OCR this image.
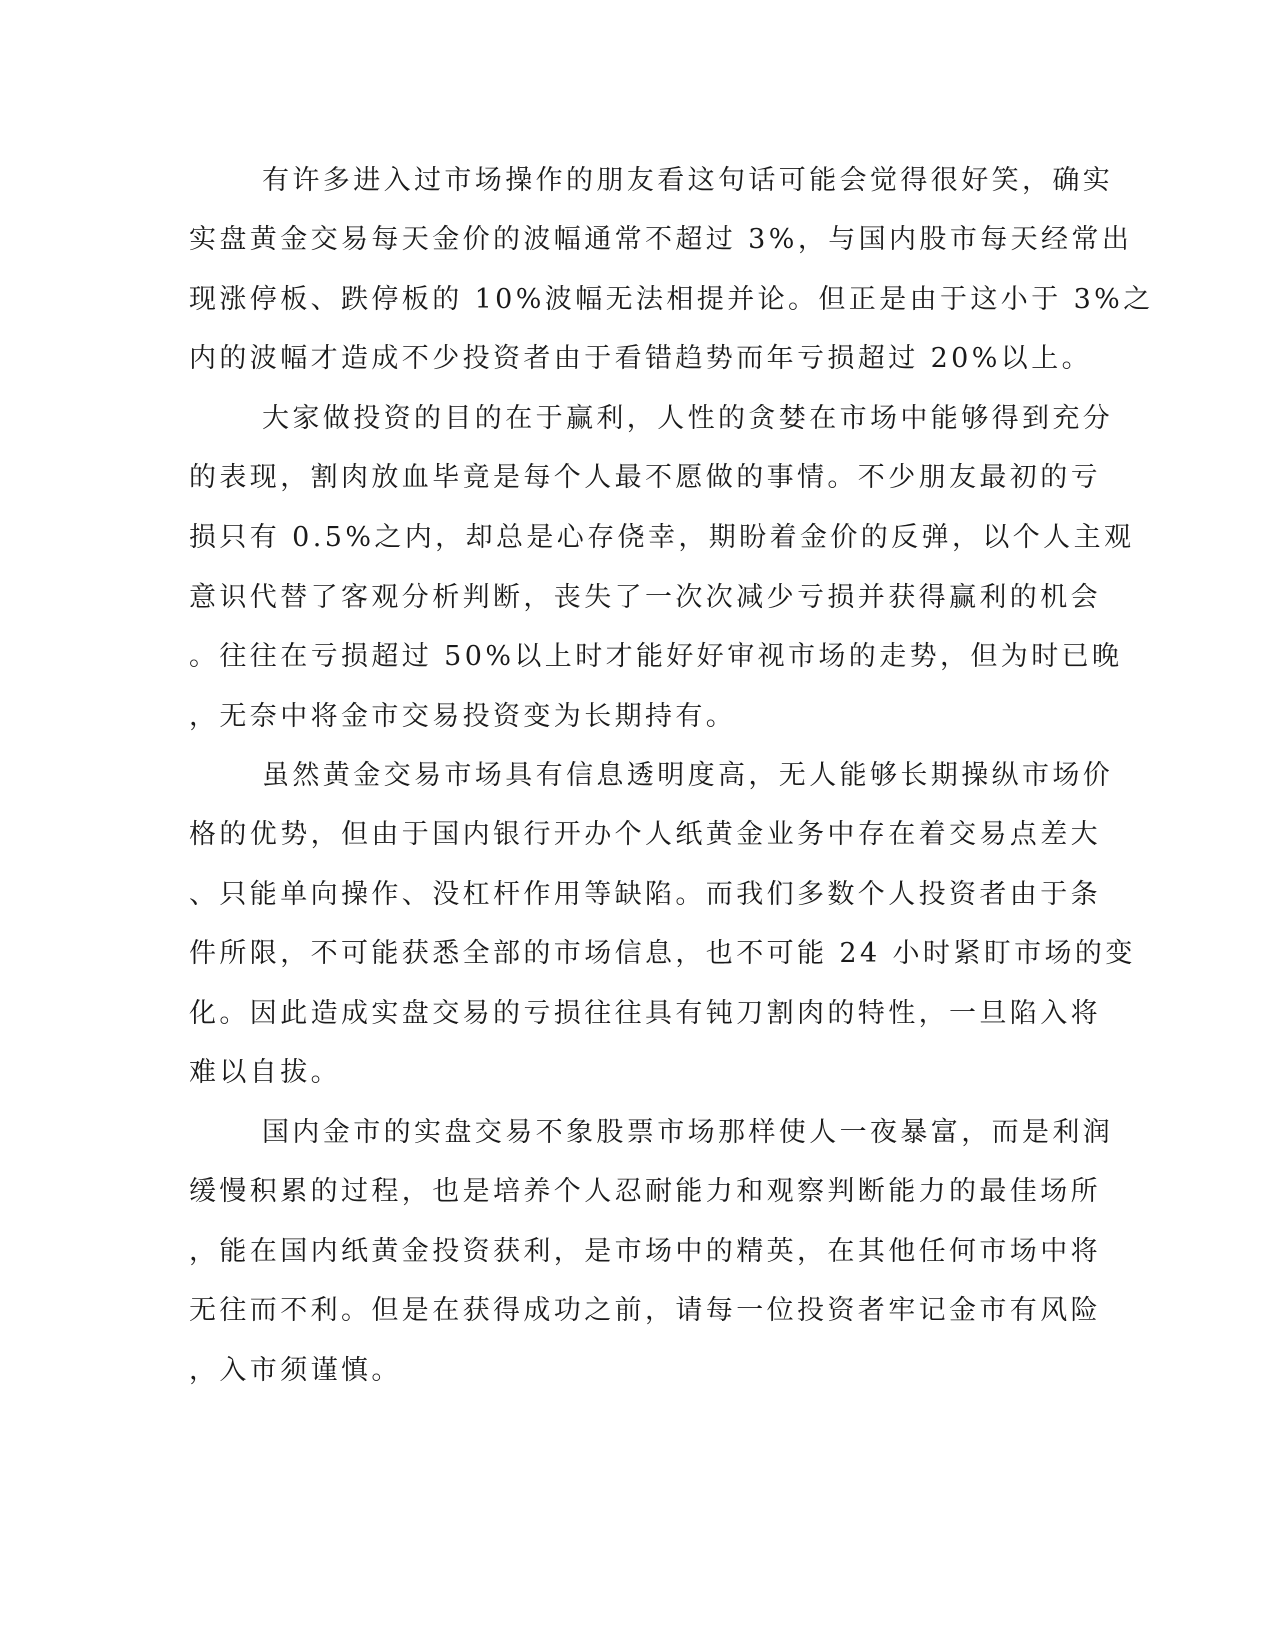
有许多进入过市场操作的朋友看这句话可能会觉得很好笑，确实
实盘黄金交易每天金价的波幅通常不超过 3%，与国内股市每天经常出
现涨停板、跌停板的 10%波幅无法相提并论。但正是由于这小于 3%之
内的波幅才造成不少投资者由于看错趋势而年亏损超过 20%以上。
大家做投资的目的在于赢利，人性的贪婪在市场中能够得到充分
的表现，割肉放血毕竟是每个人最不愿做的事情。不少朋友最初的亏
损只有 0.5%之内，却总是心存侥幸，期盼着金价的反弹，以个人主观
意识代替了客观分析判断，丧失了一次次减少亏损并获得赢利的机会
。往往在亏损超过 50%以上时才能好好审视市场的走势，但为时已晚
，无奈中将金市交易投资变为长期持有。
虽然黄金交易市场具有信息透明度高，无人能够长期操纵市场价
格的优势，但由于国内银行开办个人纸黄金业务中存在着交易点差大
、只能单向操作、没杠杆作用等缺陷。而我们多数个人投资者由于条
件所限，不可能获悉全部的市场信息，也不可能 24 小时紧盯市场的变
化。因此造成实盘交易的亏损往往具有钝刀割肉的特性，一旦陷入将
难以自拔。
国内金市的实盘交易不象股票市场那样使人一夜暴富，而是利润
缓慢积累的过程，也是培养个人忍耐能力和观察判断能力的最佳场所
，能在国内纸黄金投资获利，是市场中的精英，在其他任何市场中将
无往而不利。但是在获得成功之前，请每一位投资者牢记金市有风险
，入市须谨慎。
